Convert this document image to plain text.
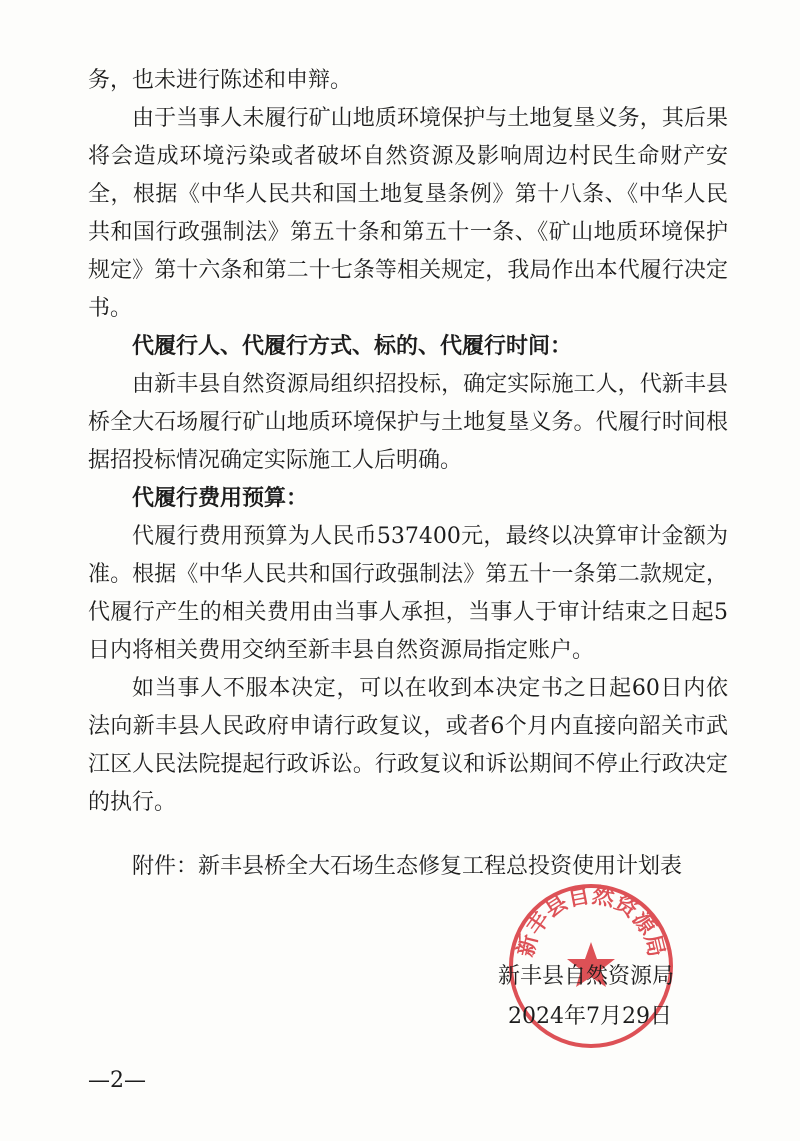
务，也未进行陈述和申辩。

由于当事人未履行矿山地质环境保护与土地复垦义务，其后果将会造成环境污染或者破坏自然资源及影响周边村民生命财产安全，根据《中华人民共和国土地复垦条例》第十八条、《中华人民共和国行政强制法》第五十条和第五十一条、《矿山地质环境保护规定》第十六条和第二十七条等相关规定，我局作出本代履行决定书。

代履行人、代履行方式、标的、代履行时间：

由新丰县自然资源局组织招投标，确定实际施工人，代新丰县桥全大石场履行矿山地质环境保护与土地复垦义务。代履行时间根据招投标情况确定实际施工人后明确。

代履行费用预算：

代履行费用预算为人民币537400元，最终以决算审计金额为准。根据《中华人民共和国行政强制法》第五十一条第二款规定，代履行产生的相关费用由当事人承担，当事人于审计结束之日起5日内将相关费用交纳至新丰县自然资源局指定账户。

如当事人不服本决定，可以在收到本决定书之日起60日内依法向新丰县人民政府申请行政复议，或者6个月内直接向韶关市武江区人民法院提起行政诉讼。行政复议和诉讼期间不停止行政决定的执行。

附件：新丰县桥全大石场生态修复工程总投资使用计划表

新丰县自然资源局

新丰县自然资源局

2024年7月29日

—2—
